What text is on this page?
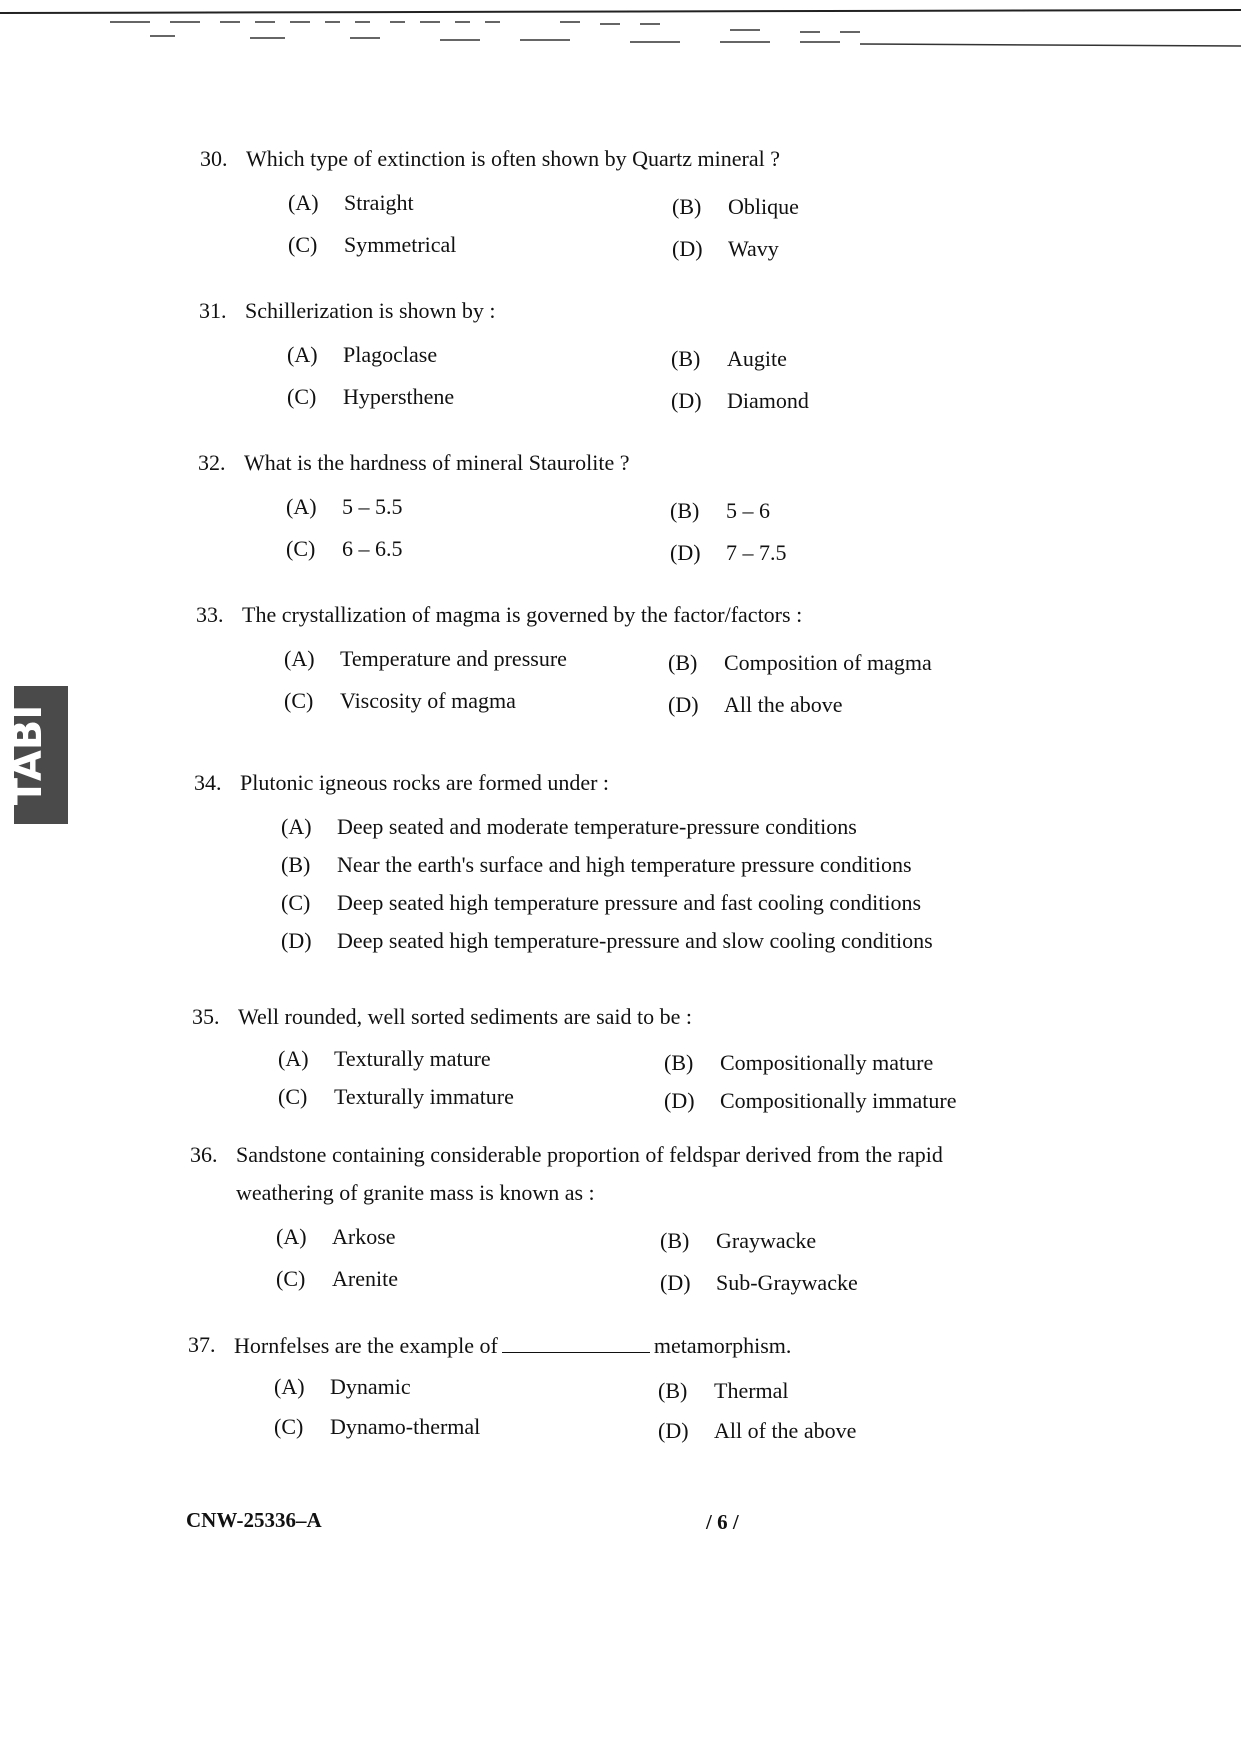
TABI
30. Which type of extinction is often shown by Quartz mineral ?
(A) Straight	(B) Oblique
(C) Symmetrical	(D) Wavy
31. Schillerization is shown by :
(A) Plagoclase	(B) Augite
(C) Hypersthene	(D) Diamond
32. What is the hardness of mineral Staurolite ?
(A) 5 – 5.5	(B) 5 – 6
(C) 6 – 6.5	(D) 7 – 7.5
33. The crystallization of magma is governed by the factor/factors :
(A) Temperature and pressure	(B) Composition of magma
(C) Viscosity of magma	(D) All the above
34. Plutonic igneous rocks are formed under :
(A) Deep seated and moderate temperature-pressure conditions
(B) Near the earth's surface and high temperature pressure conditions
(C) Deep seated high temperature pressure and fast cooling conditions
(D) Deep seated high temperature-pressure and slow cooling conditions
35. Well rounded, well sorted sediments are said to be :
(A) Texturally mature	(B) Compositionally mature
(C) Texturally immature	(D) Compositionally immature
36. Sandstone containing considerable proportion of feldspar derived from the rapid
weathering of granite mass is known as :
(A) Arkose	(B) Graywacke
(C) Arenite	(D) Sub-Graywacke
37. Hornfelses are the example of	metamorphism.
(A) Dynamic	(B) Thermal
(C) Dynamo-thermal	(D) All of the above
CNW-25336–A	/ 6 /
